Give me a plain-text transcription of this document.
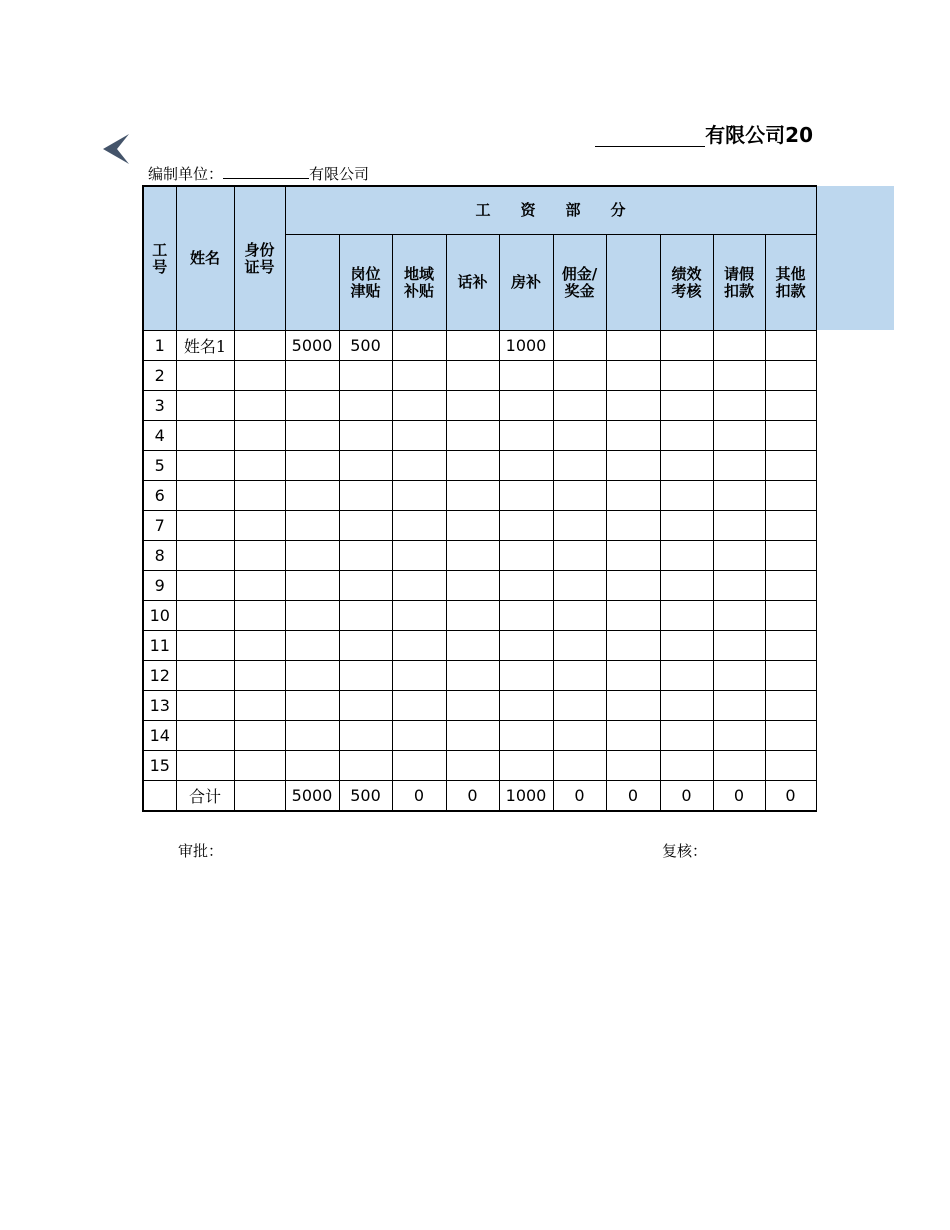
有限公司20
编制单位：	有限公司
工号	姓名	身份证号	工　　资　　部　　分									
				岗位津贴	地域补贴	话补	房补	佣金/奖金		绩效考核	请假扣款	其他扣款
1	姓名1		5000	500			1000					
2												
3												
4												
5												
6												
7												
8												
9												
10												
11												
12												
13												
14												
15												
	合计		5000	500	0	0	1000	0	0	0	0	0
审批：	复核：
